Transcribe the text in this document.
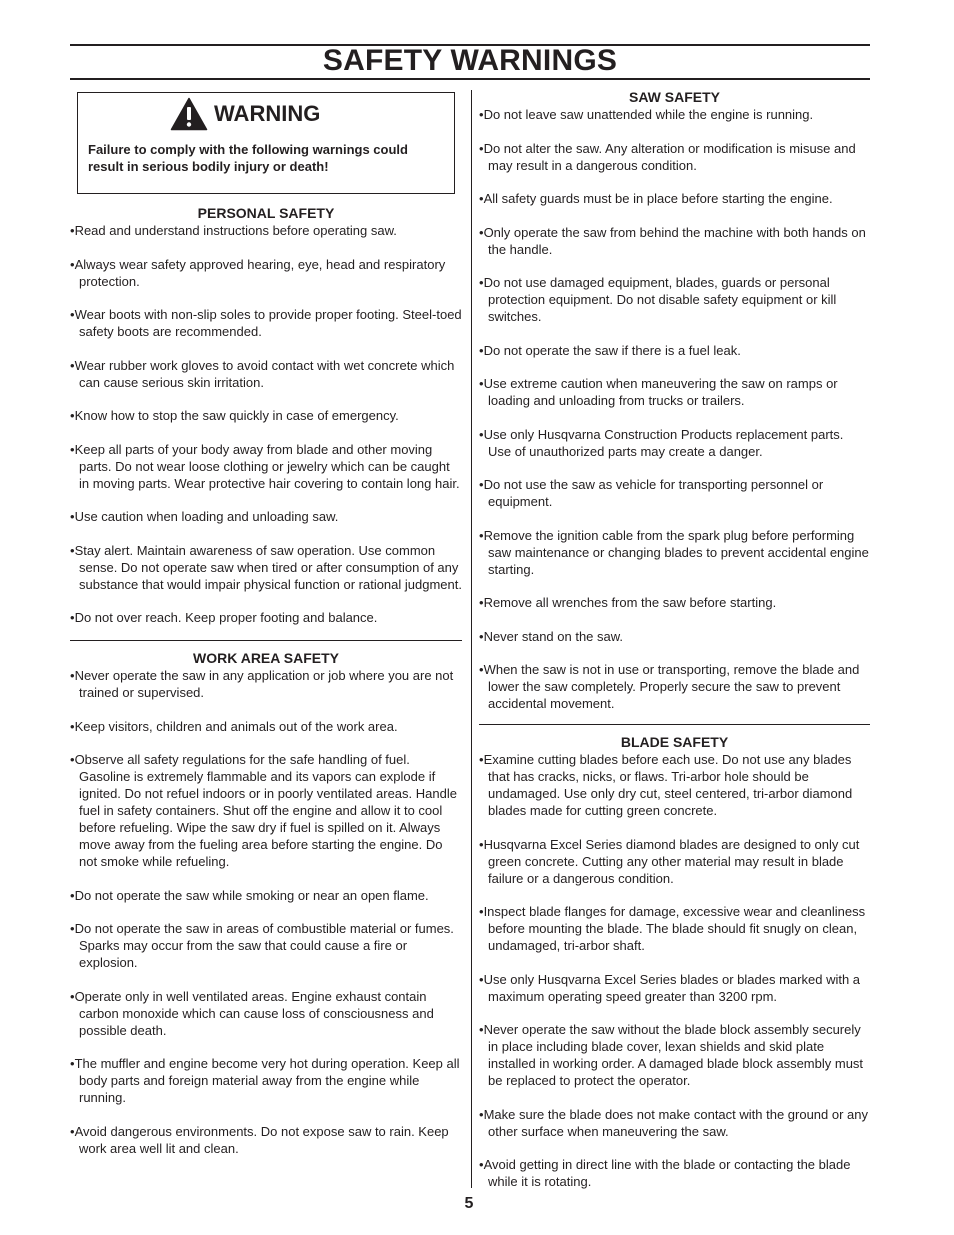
SAFETY WARNINGS
WARNING
Failure to comply with the following warnings could result in serious bodily injury or death!
PERSONAL SAFETY
• Read and understand instructions before operating saw.
• Always wear safety approved hearing, eye, head and respiratory protection.
• Wear boots with non-slip soles to provide proper footing. Steel-toed safety boots are recommended.
• Wear rubber work gloves to avoid contact with wet concrete which can cause serious skin irritation.
• Know how to stop the saw quickly in case of emergency.
• Keep all parts of your body away from blade and other moving parts. Do not wear loose clothing or jewelry which can be caught in moving parts. Wear protective hair covering to contain long hair.
• Use caution when loading and unloading saw.
• Stay alert. Maintain awareness of saw operation. Use common sense. Do not operate saw when tired or after consumption of any substance that would impair physical function or rational judgment.
• Do not over reach. Keep proper footing and balance.
WORK AREA SAFETY
• Never operate the saw in any application or job where you are not trained or supervised.
• Keep visitors, children and animals out of the work area.
• Observe all safety regulations for the safe handling of fuel. Gasoline is extremely flammable and its vapors can explode if ignited. Do not refuel indoors or in poorly ventilated areas. Handle fuel in safety containers. Shut off the engine and allow it to cool before refueling. Wipe the saw dry if fuel is spilled on it. Always move away from the fueling area before starting the engine. Do not smoke while refueling.
• Do not operate the saw while smoking or near an open flame.
• Do not operate the saw in areas of combustible material or fumes. Sparks may occur from the saw that could cause a fire or explosion.
• Operate only in well ventilated areas. Engine exhaust contain carbon monoxide which can cause loss of consciousness and possible death.
• The muffler and engine become very hot during operation. Keep all body parts and foreign material away from the engine while running.
• Avoid dangerous environments. Do not expose saw to rain. Keep work area well lit and clean.
SAW SAFETY
• Do not leave saw unattended while the engine is running.
• Do not alter the saw. Any alteration or modification is misuse and may result in a dangerous condition.
• All safety guards must be in place before starting the engine.
• Only operate the saw from behind the machine with both hands on the handle.
• Do not use damaged equipment, blades, guards or personal protection equipment. Do not disable safety equipment or kill switches.
• Do not operate the saw if there is a fuel leak.
• Use extreme caution when maneuvering the saw on ramps or loading and unloading from trucks or trailers.
• Use only Husqvarna Construction Products replacement parts. Use of unauthorized parts may create a danger.
• Do not use the saw as vehicle for transporting personnel or equipment.
• Remove the ignition cable from the spark plug before performing saw maintenance or changing blades to prevent accidental engine starting.
• Remove all wrenches from the saw before starting.
• Never stand on the saw.
• When the saw is not in use or transporting, remove the blade and lower the saw completely. Properly secure the saw to prevent accidental movement.
BLADE SAFETY
• Examine cutting blades before each use. Do not use any blades that has cracks, nicks, or flaws. Tri-arbor hole should be undamaged. Use only dry cut, steel centered, tri-arbor diamond blades made for cutting green concrete.
• Husqvarna Excel Series diamond blades are designed to only cut green concrete. Cutting any other material may result in blade failure or a dangerous condition.
• Inspect blade flanges for damage, excessive wear and cleanliness before mounting the blade. The blade should fit snugly on clean, undamaged, tri-arbor shaft.
• Use only Husqvarna Excel Series blades or blades marked with a maximum operating speed greater than 3200 rpm.
• Never operate the saw without the blade block assembly securely in place including blade cover, lexan shields and skid plate installed in working order. A damaged blade block assembly must be replaced to protect the operator.
• Make sure the blade does not make contact with the ground or any other surface when maneuvering the saw.
• Avoid getting in direct line with the blade or contacting the blade while it is rotating.
5
